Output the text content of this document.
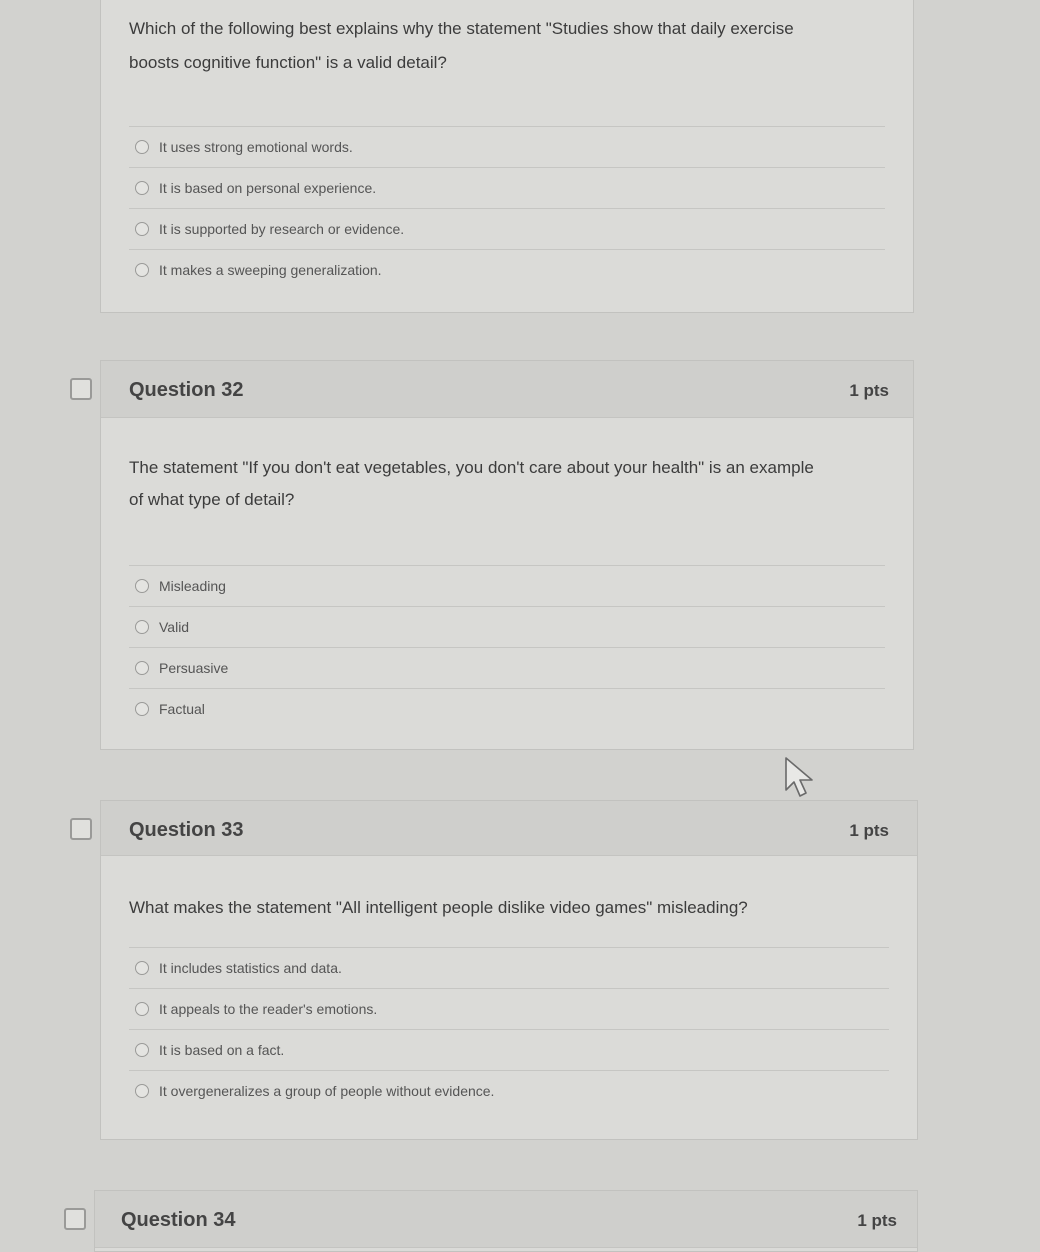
Which of the following best explains why the statement "Studies show that daily exercise
boosts cognitive function" is a valid detail?
It uses strong emotional words.
It is based on personal experience.
It is supported by research or evidence.
It makes a sweeping generalization.
Question 32	1 pts
The statement "If you don't eat vegetables, you don't care about your health" is an example
of what type of detail?
Misleading
Valid
Persuasive
Factual
Question 33	1 pts
What makes the statement "All intelligent people dislike video games" misleading?
It includes statistics and data.
It appeals to the reader's emotions.
It is based on a fact.
It overgeneralizes a group of people without evidence.
Question 34	1 pts
